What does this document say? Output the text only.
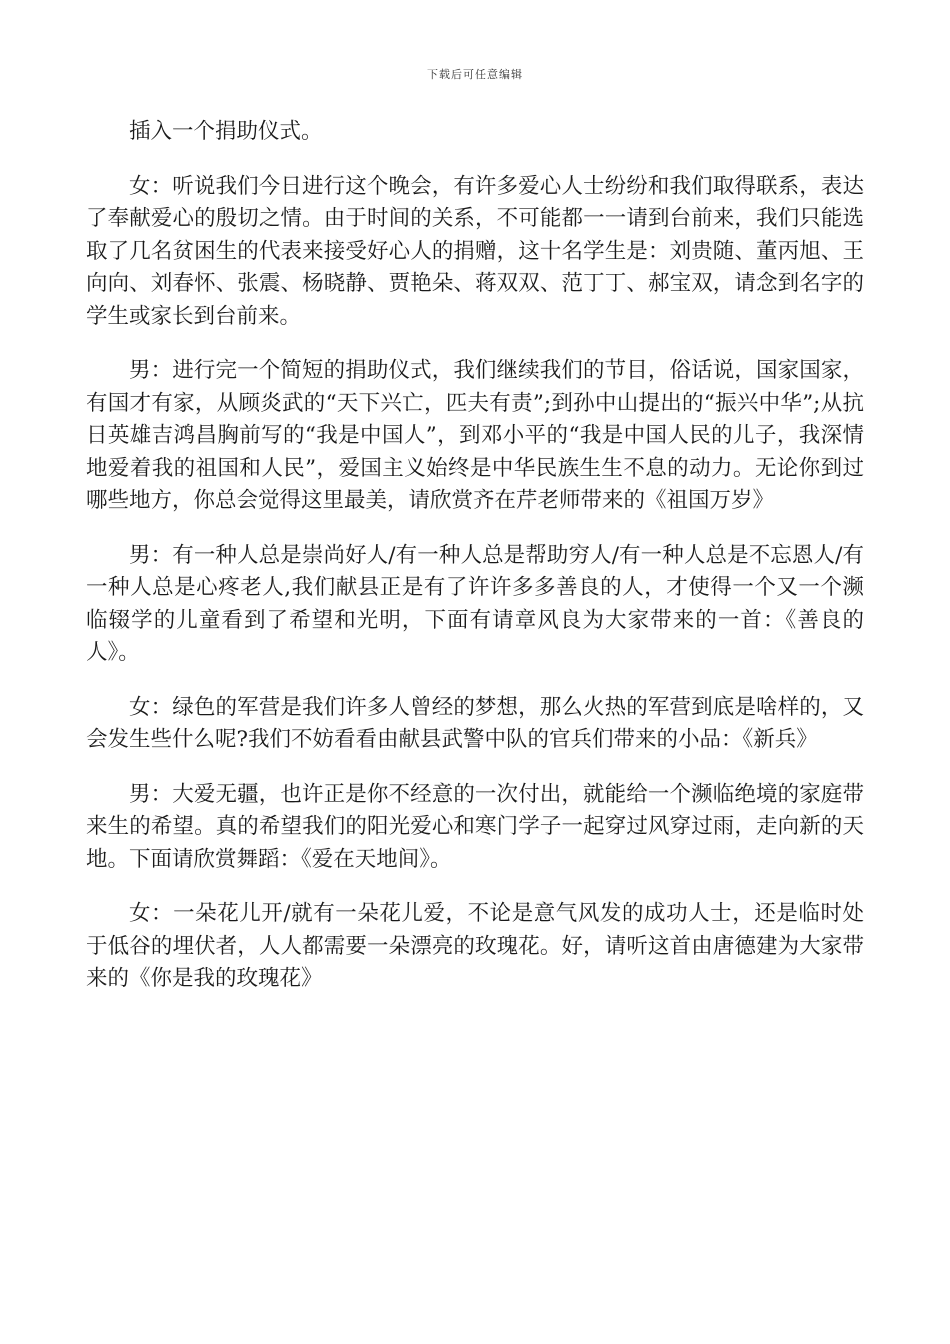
下载后可任意编辑

插入一个捐助仪式。

女：听说我们今日进行这个晚会，有许多爱心人士纷纷和我们取得联系，表达了奉献爱心的殷切之情。由于时间的关系，不可能都一一请到台前来，我们只能选取了几名贫困生的代表来接受好心人的捐赠，这十名学生是：刘贵随、董丙旭、王向向、刘春怀、张震、杨晓静、贾艳朵、蒋双双、范丁丁、郝宝双，请念到名字的学生或家长到台前来。

男：进行完一个简短的捐助仪式，我们继续我们的节目，俗话说，国家国家，有国才有家，从顾炎武的“天下兴亡，匹夫有责”;到孙中山提出的“振兴中华”;从抗日英雄吉鸿昌胸前写的“我是中国人”，到邓小平的“我是中国人民的儿子，我深情地爱着我的祖国和人民”，爱国主义始终是中华民族生生不息的动力。无论你到过哪些地方，你总会觉得这里最美，请欣赏齐在芹老师带来的《祖国万岁》

男：有一种人总是崇尚好人/有一种人总是帮助穷人/有一种人总是不忘恩人/有一种人总是心疼老人,我们献县正是有了许许多多善良的人，才使得一个又一个濒临辍学的儿童看到了希望和光明，下面有请章风良为大家带来的一首：《善良的人》。

女：绿色的军营是我们许多人曾经的梦想，那么火热的军营到底是啥样的，又会发生些什么呢?我们不妨看看由献县武警中队的官兵们带来的小品：《新兵》

男：大爱无疆，也许正是你不经意的一次付出，就能给一个濒临绝境的家庭带来生的希望。真的希望我们的阳光爱心和寒门学子一起穿过风穿过雨，走向新的天地。下面请欣赏舞蹈：《爱在天地间》。

女：一朵花儿开/就有一朵花儿爱，不论是意气风发的成功人士，还是临时处于低谷的埋伏者，人人都需要一朵漂亮的玫瑰花。好，请听这首由唐德建为大家带来的《你是我的玫瑰花》
